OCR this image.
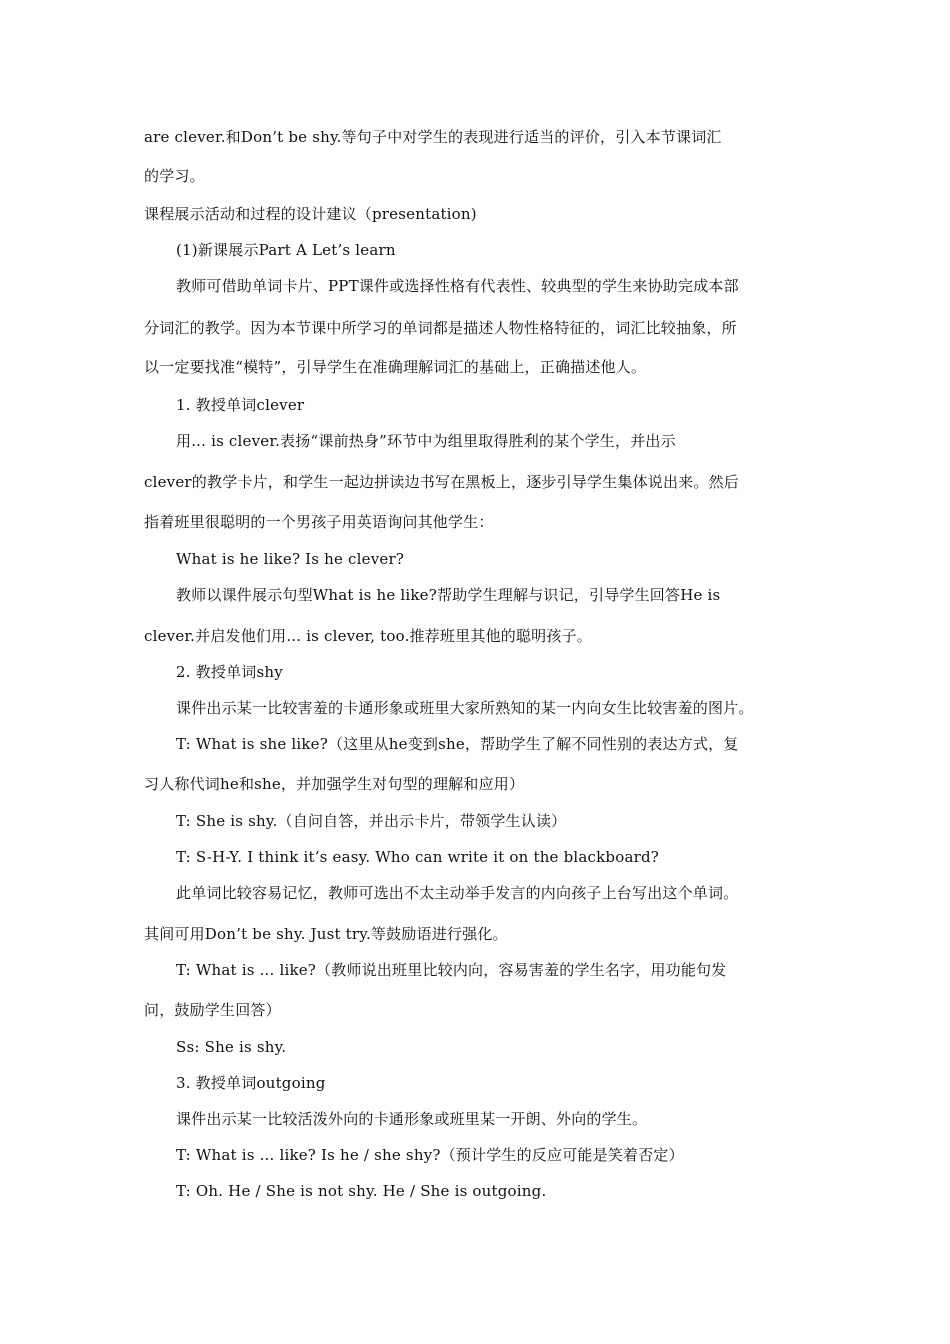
are clever.和Don’t be shy.等句子中对学生的表现进行适当的评价，引入本节课词汇
的学习。
课程展示活动和过程的设计建议（presentation)
(1)新课展示Part A Let’s learn
教师可借助单词卡片、PPT课件或选择性格有代表性、较典型的学生来协助完成本部
分词汇的教学。因为本节课中所学习的单词都是描述人物性格特征的，词汇比较抽象，所
以一定要找准“模特”，引导学生在准确理解词汇的基础上，正确描述他人。
1. 教授单词clever
用... is clever.表扬“课前热身”环节中为组里取得胜利的某个学生，并出示
clever的教学卡片，和学生一起边拼读边书写在黑板上，逐步引导学生集体说出来。然后
指着班里很聪明的一个男孩子用英语询问其他学生：
What is he like? Is he clever?
教师以课件展示句型What is he like?帮助学生理解与识记，引导学生回答He is
clever.并启发他们用... is clever, too.推荐班里其他的聪明孩子。
2. 教授单词shy
课件出示某一比较害羞的卡通形象或班里大家所熟知的某一内向女生比较害羞的图片。
T: What is she like?（这里从he变到she，帮助学生了解不同性别的表达方式，复
习人称代词he和she，并加强学生对句型的理解和应用）
T: She is shy.（自问自答，并出示卡片，带领学生认读）
T: S-H-Y. I think it’s easy. Who can write it on the blackboard?
此单词比较容易记忆，教师可选出不太主动举手发言的内向孩子上台写出这个单词。
其间可用Don’t be shy. Just try.等鼓励语进行强化。
T: What is ... like?（教师说出班里比较内向，容易害羞的学生名字，用功能句发
问，鼓励学生回答）
Ss: She is shy.
3. 教授单词outgoing
课件出示某一比较活泼外向的卡通形象或班里某一开朗、外向的学生。
T: What is ... like? Is he / she shy?（预计学生的反应可能是笑着否定）
T: Oh. He / She is not shy. He / She is outgoing.
